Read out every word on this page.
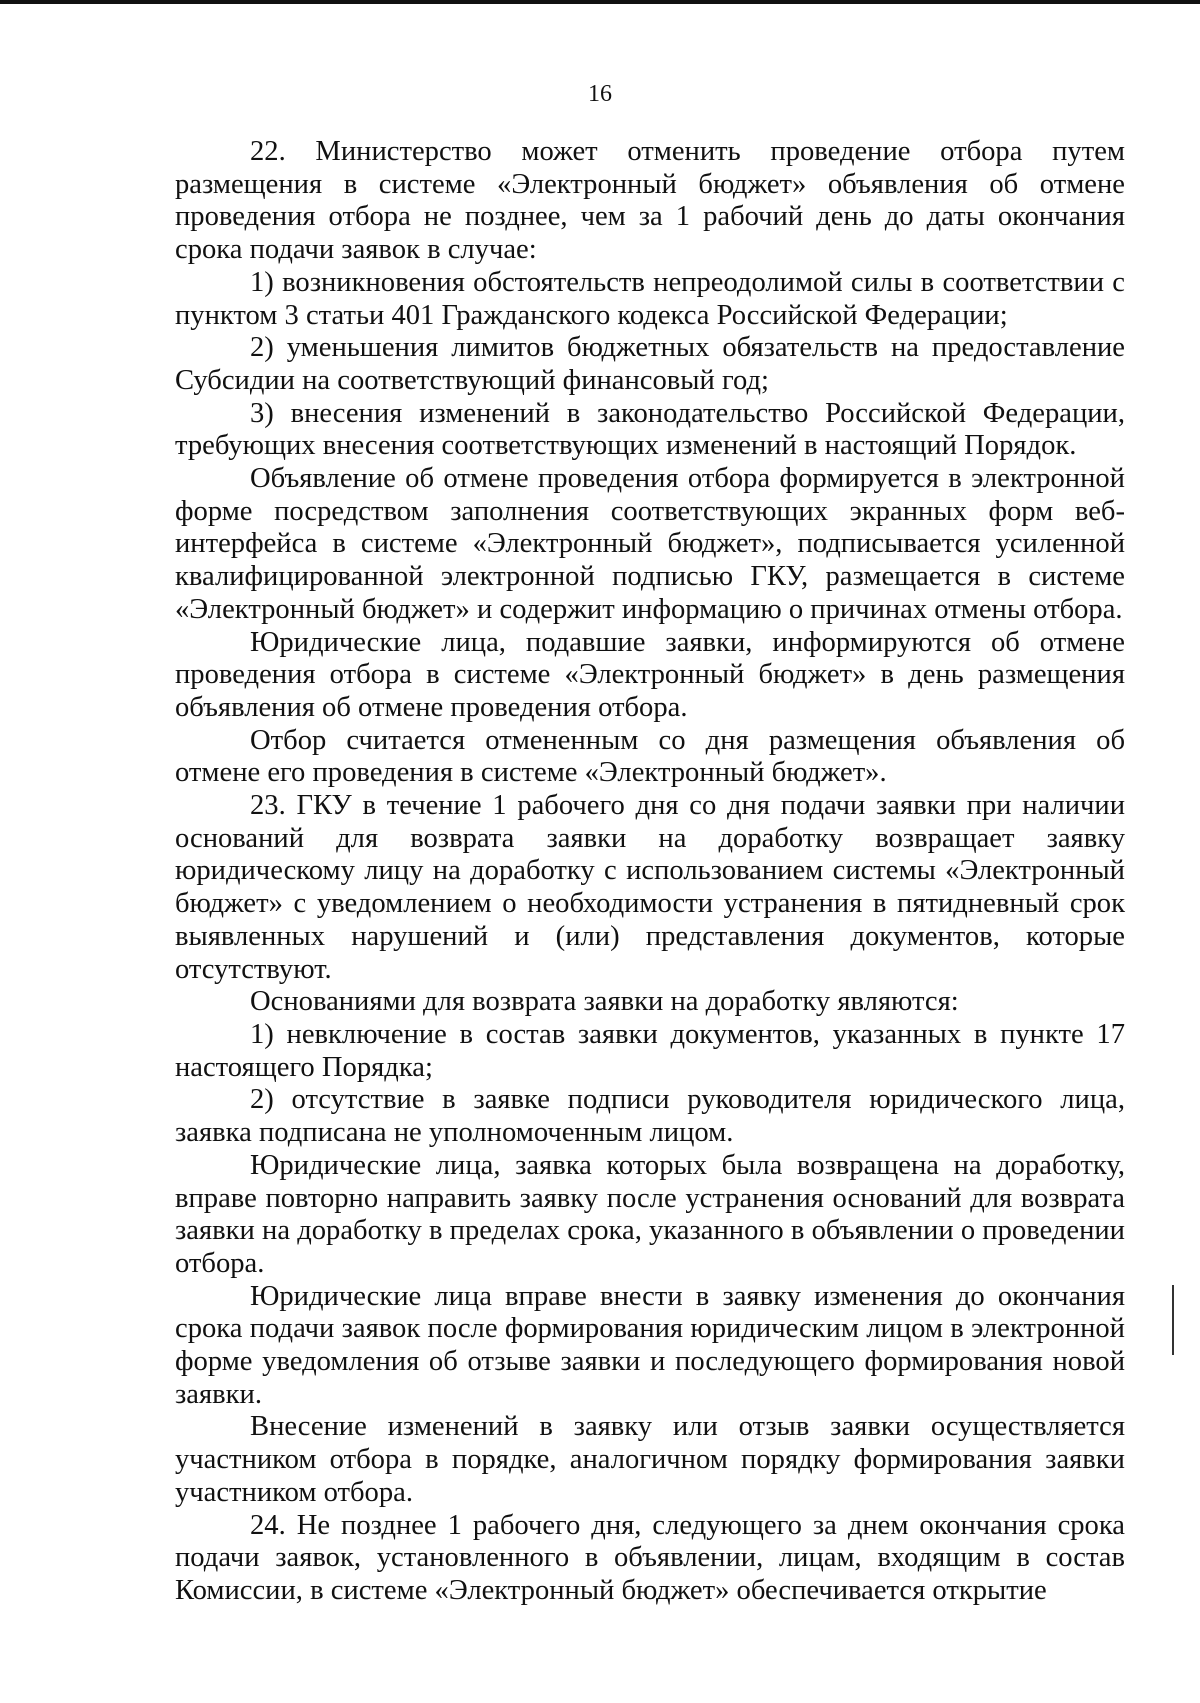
16

22. Министерство может отменить проведение отбора путем размещения в системе «Электронный бюджет» объявления об отмене проведения отбора не позднее, чем за 1 рабочий день до даты окончания срока подачи заявок в случае:

1) возникновения обстоятельств непреодолимой силы в соответствии с пунктом 3 статьи 401 Гражданского кодекса Российской Федерации;

2) уменьшения лимитов бюджетных обязательств на предоставление Субсидии на соответствующий финансовый год;

3) внесения изменений в законодательство Российской Федерации, требующих внесения соответствующих изменений в настоящий Порядок.

Объявление об отмене проведения отбора формируется в электронной форме посредством заполнения соответствующих экранных форм веб-интерфейса в системе «Электронный бюджет», подписывается усиленной квалифицированной электронной подписью ГКУ, размещается в системе «Электронный бюджет» и содержит информацию о причинах отмены отбора.

Юридические лица, подавшие заявки, информируются об отмене проведения отбора в системе «Электронный бюджет» в день размещения объявления об отмене проведения отбора.

Отбор считается отмененным со дня размещения объявления об отмене его проведения в системе «Электронный бюджет».

23. ГКУ в течение 1 рабочего дня со дня подачи заявки при наличии оснований для возврата заявки на доработку возвращает заявку юридическому лицу на доработку с использованием системы «Электронный бюджет» с уведомлением о необходимости устранения в пятидневный срок выявленных нарушений и (или) представления документов, которые отсутствуют.

Основаниями для возврата заявки на доработку являются:

1) невключение в состав заявки документов, указанных в пункте 17 настоящего Порядка;

2) отсутствие в заявке подписи руководителя юридического лица, заявка подписана не уполномоченным лицом.

Юридические лица, заявка которых была возвращена на доработку, вправе повторно направить заявку после устранения оснований для возврата заявки на доработку в пределах срока, указанного в объявлении о проведении отбора.

Юридические лица вправе внести в заявку изменения до окончания срока подачи заявок после формирования юридическим лицом в электронной форме уведомления об отзыве заявки и последующего формирования новой заявки.

Внесение изменений в заявку или отзыв заявки осуществляется участником отбора в порядке, аналогичном порядку формирования заявки участником отбора.

24. Не позднее 1 рабочего дня, следующего за днем окончания срока подачи заявок, установленного в объявлении, лицам, входящим в состав Комиссии, в системе «Электронный бюджет» обеспечивается открытие
